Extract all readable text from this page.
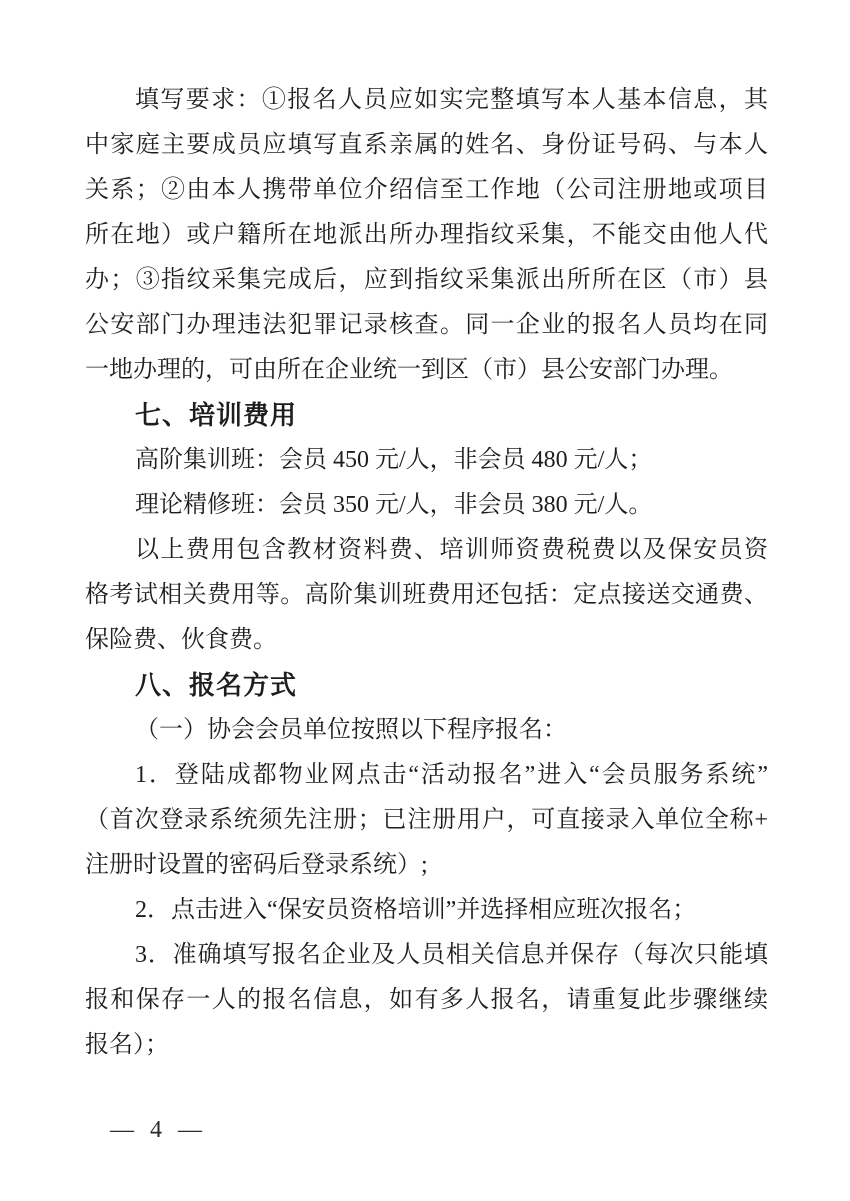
填写要求：①报名人员应如实完整填写本人基本信息，其
中家庭主要成员应填写直系亲属的姓名、身份证号码、与本人
关系；②由本人携带单位介绍信至工作地（公司注册地或项目
所在地）或户籍所在地派出所办理指纹采集，不能交由他人代
办；③指纹采集完成后，应到指纹采集派出所所在区（市）县
公安部门办理违法犯罪记录核查。同一企业的报名人员均在同
一地办理的，可由所在企业统一到区（市）县公安部门办理。
七、培训费用
高阶集训班：会员 450 元/人，非会员 480 元/人；
理论精修班：会员 350 元/人，非会员 380 元/人。
以上费用包含教材资料费、培训师资费税费以及保安员资
格考试相关费用等。高阶集训班费用还包括：定点接送交通费、
保险费、伙食费。
八、报名方式
（一）协会会员单位按照以下程序报名：
1．登陆成都物业网点击“活动报名”进入“会员服务系统”
（首次登录系统须先注册；已注册用户，可直接录入单位全称+
注册时设置的密码后登录系统）;
2．点击进入“保安员资格培训”并选择相应班次报名；
3．准确填写报名企业及人员相关信息并保存（每次只能填
报和保存一人的报名信息，如有多人报名，请重复此步骤继续
报名）；
— 4 —
